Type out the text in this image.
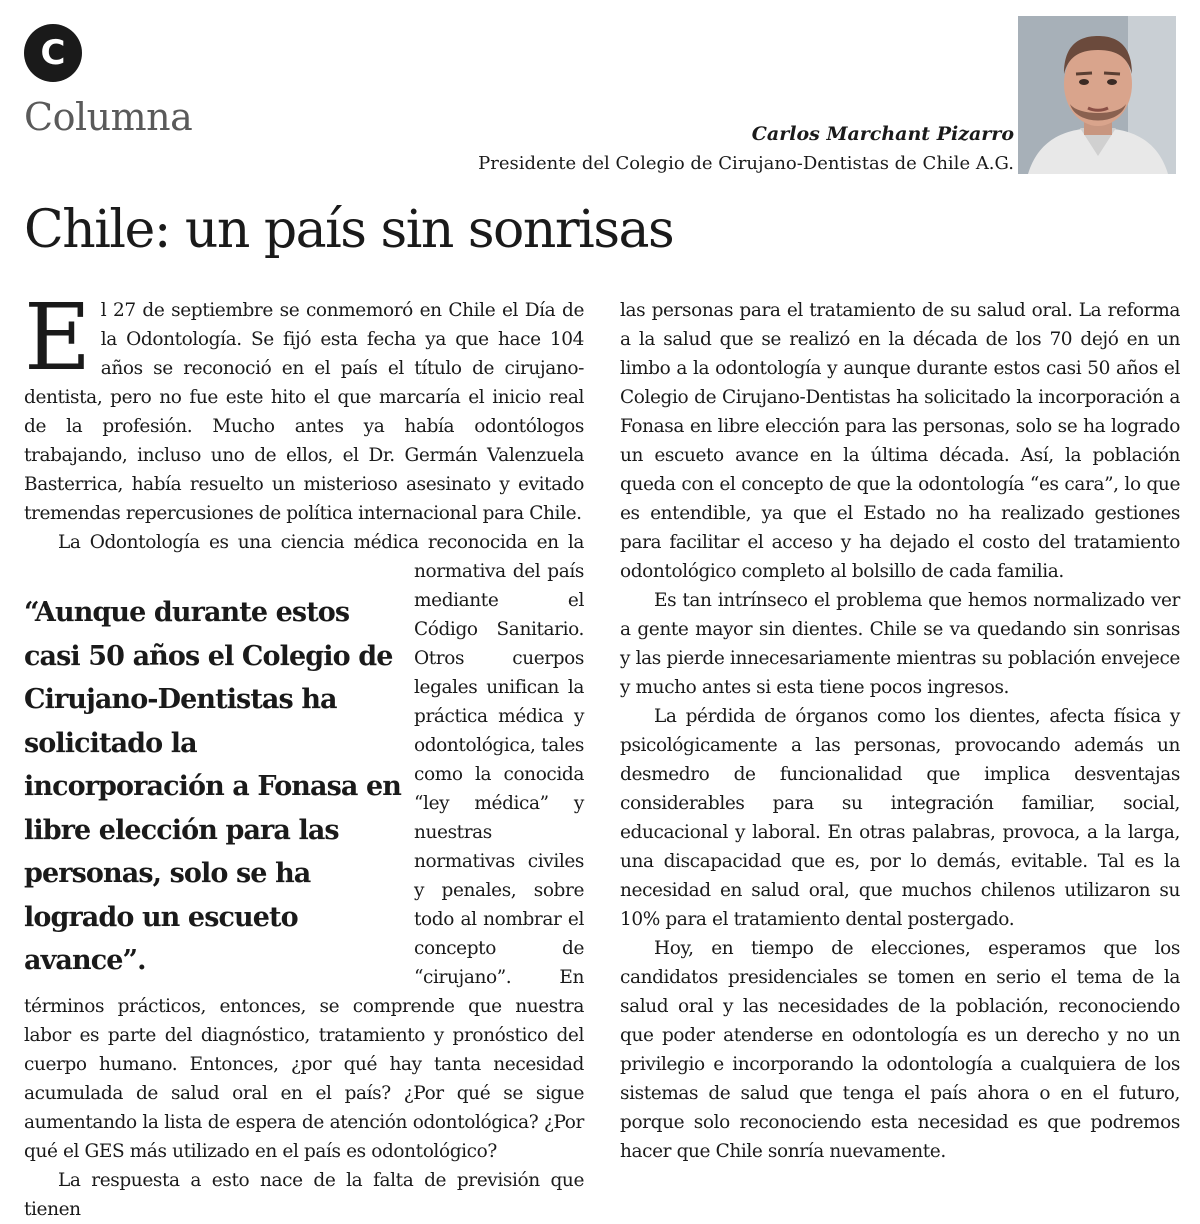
C
Columna	Carlos Marchant Pizarro
Presidente del Colegio de Cirujano-Dentistas de Chile A.G.
Chile: un país sin sonrisas

El 27 de septiembre se conmemoró en Chile el Día de la Odontología. Se fijó esta fecha ya que hace 104 años se reconoció en el país el título de cirujano-dentista, pero no fue este hito el que marcaría el inicio real de la profesión. Mucho antes ya había odontólogos trabajando, incluso uno de ellos, el Dr. Germán Valenzuela Basterrica, había resuelto un misterioso asesinato y evitado tremendas repercusiones de política internacional para Chile.

La Odontología es una ciencia médica reconocida en
“Aunque durante estos casi 50 años el Colegio de Cirujano-Dentistas ha solicitado la incorporación a Fonasa en libre elección para las personas, solo se ha logrado un escueto avance”.
la normativa del país mediante el Código Sanitario. Otros cuerpos legales unifican la práctica médica y odontológica, tales como la conocida “ley médica” y nuestras normativas civiles y penales, sobre todo al nombrar el concepto de “cirujano”. En términos prácticos, entonces, se comprende que nuestra labor es parte del diagnóstico, tratamiento y pronóstico del cuerpo humano. Entonces, ¿por qué hay tanta necesidad acumulada de salud oral en el país? ¿Por qué se sigue aumentando la lista de espera de atención odontológica? ¿Por qué el GES más utilizado en el país es odontológico?

La respuesta a esto nace de la falta de previsión que tienen

las personas para el tratamiento de su salud oral. La reforma a la salud que se realizó en la década de los 70 dejó en un limbo a la odontología y aunque durante estos casi 50 años el Colegio de Cirujano-Dentistas ha solicitado la incorporación a Fonasa en libre elección para las personas, solo se ha logrado un escueto avance en la última década. Así, la población queda con el concepto de que la odontología “es cara”, lo que es entendible, ya que el Estado no ha realizado gestiones para facilitar el acceso y ha dejado el costo del tratamiento odontológico completo al bolsillo de cada familia.

Es tan intrínseco el problema que hemos normalizado ver a gente mayor sin dientes. Chile se va quedando sin sonrisas y las pierde innecesariamente mientras su población envejece y mucho antes si esta tiene pocos ingresos.

La pérdida de órganos como los dientes, afecta física y psicológicamente a las personas, provocando además un desmedro de funcionalidad que implica desventajas considerables para su integración familiar, social, educacional y laboral. En otras palabras, provoca, a la larga, una discapacidad que es, por lo demás, evitable. Tal es la necesidad en salud oral, que muchos chilenos utilizaron su 10% para el tratamiento dental postergado.

Hoy, en tiempo de elecciones, esperamos que los candidatos presidenciales se tomen en serio el tema de la salud oral y las necesidades de la población, reconociendo que poder atenderse en odontología es un derecho y no un privilegio e incorporando la odontología a cualquiera de los sistemas de salud que tenga el país ahora o en el futuro, porque solo reconociendo esta necesidad es que podremos hacer que Chile sonría nuevamente.
